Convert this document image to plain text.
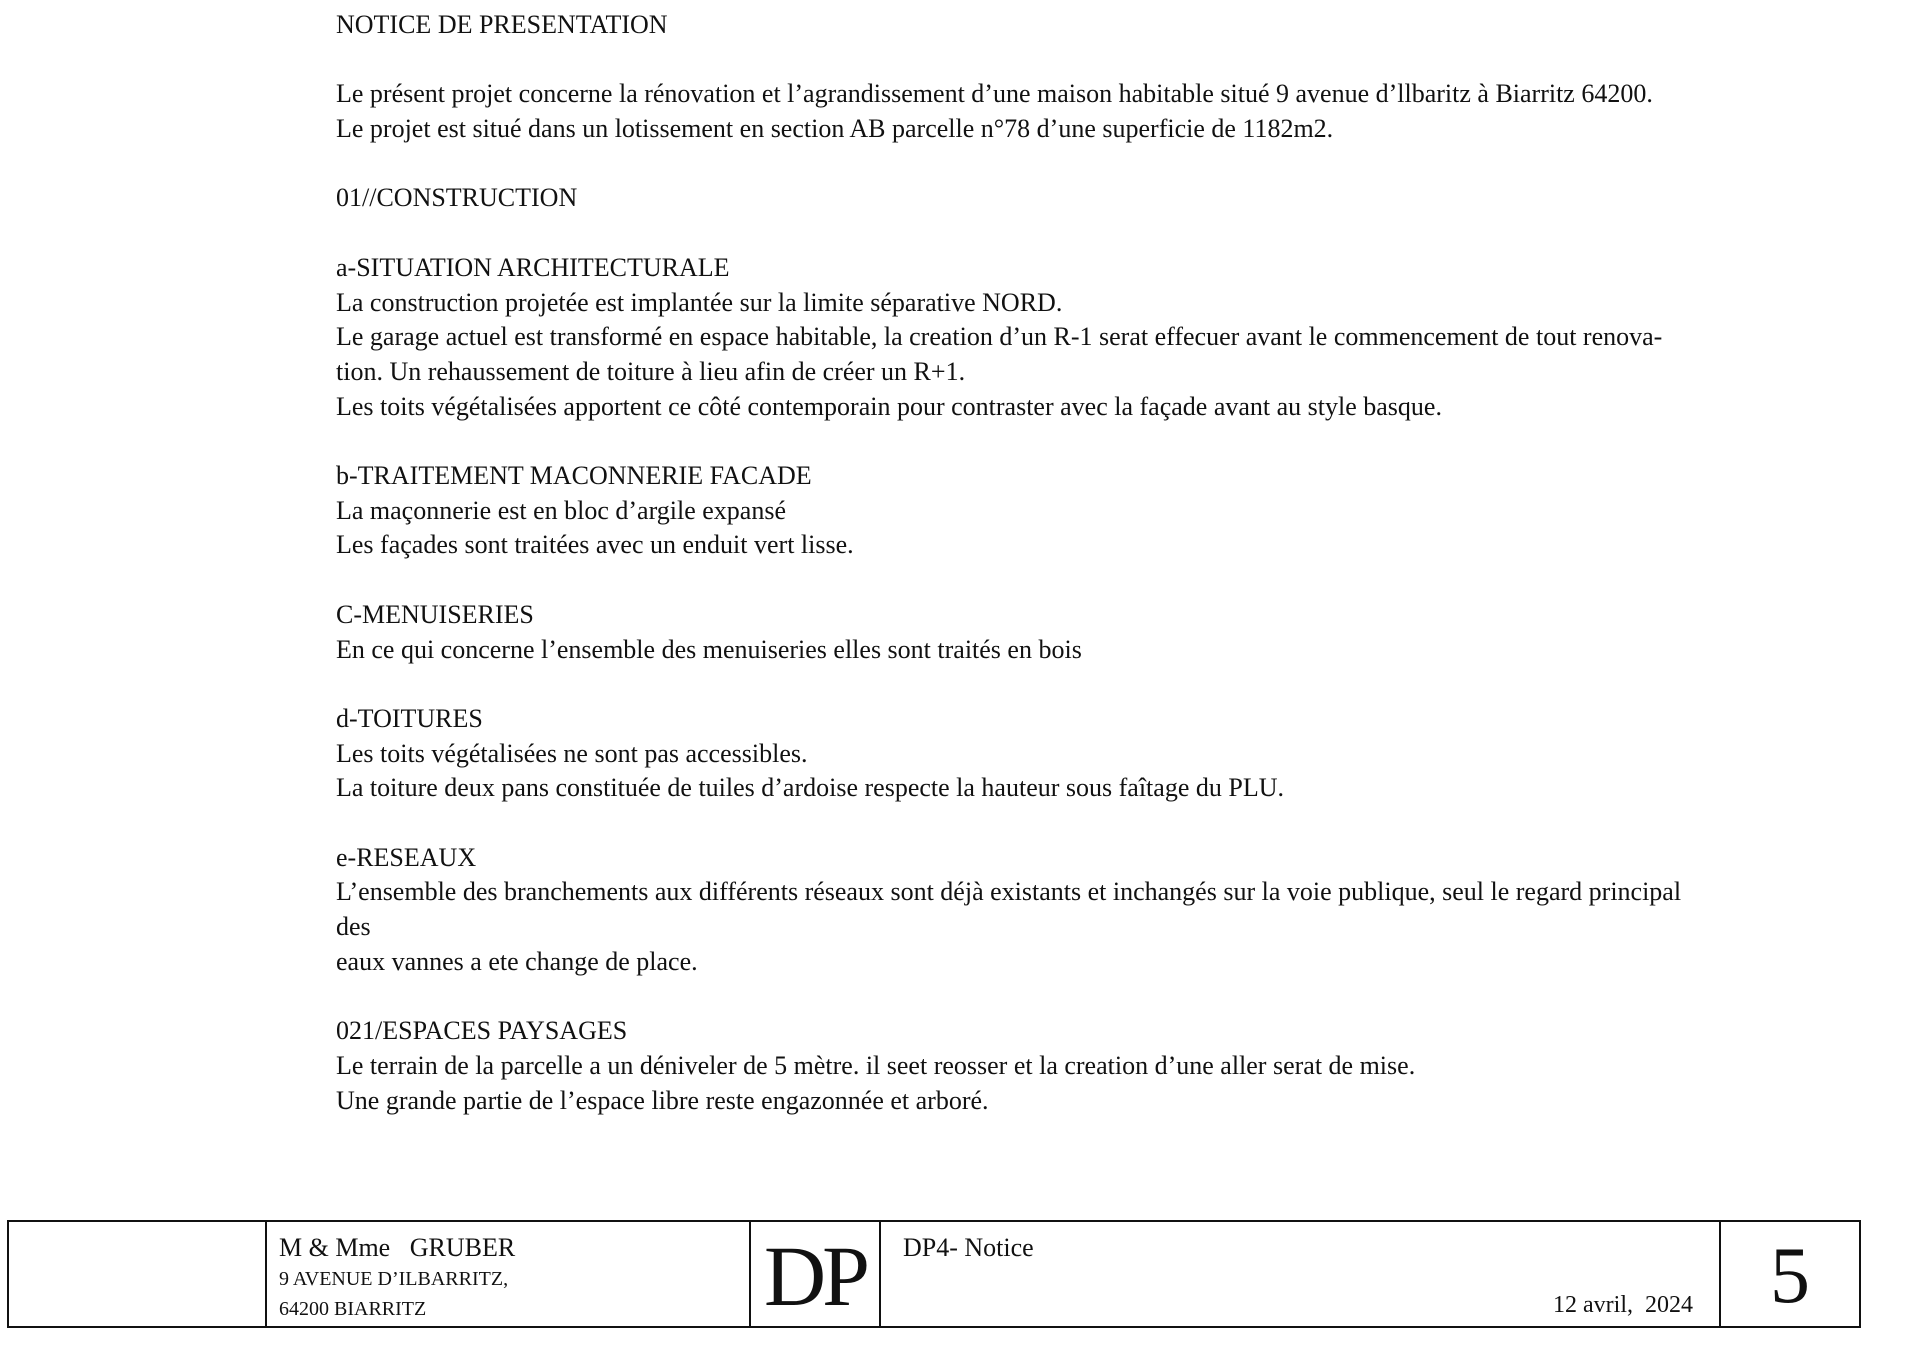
NOTICE DE PRESENTATION
Le présent projet concerne la rénovation et l’agrandissement d’une maison habitable situé 9 avenue d’llbaritz à Biarritz 64200.
Le projet est situé dans un lotissement en section AB parcelle n°78 d’une superficie de 1182m2.
01//CONSTRUCTION
a-SITUATION ARCHITECTURALE
La construction projetée est implantée sur la limite séparative NORD.
Le garage actuel est transformé en espace habitable, la creation d’un R-1 serat effecuer avant le commencement de tout renova-
tion. Un rehaussement de toiture à lieu afin de créer un R+1.
Les toits végétalisées apportent ce côté contemporain pour contraster avec la façade avant au style basque.
b-TRAITEMENT MACONNERIE FACADE
La maçonnerie est en bloc d’argile expansé
Les façades sont traitées avec un enduit vert lisse.
C-MENUISERIES
En ce qui concerne l’ensemble des menuiseries elles sont traités en bois
d-TOITURES
Les toits végétalisées ne sont pas accessibles.
La toiture deux pans constituée de tuiles d’ardoise respecte la hauteur sous faîtage du PLU.
e-RESEAUX
L’ensemble des branchements aux différents réseaux sont déjà existants et inchangés sur la voie publique, seul le regard principal
des
eaux vannes a ete change de place.
021/ESPACES PAYSAGES
Le terrain de la parcelle a un déniveler de 5 mètre. il seet reosser et la creation d’une aller serat de mise.
Une grande partie de l’espace libre reste engazonnée et arboré.
M & Mme   GRUBER
9 AVENUE D’ILBARRITZ,
64200 BIARRITZ	DP	DP4- Notice
12 avril,  2024 5
